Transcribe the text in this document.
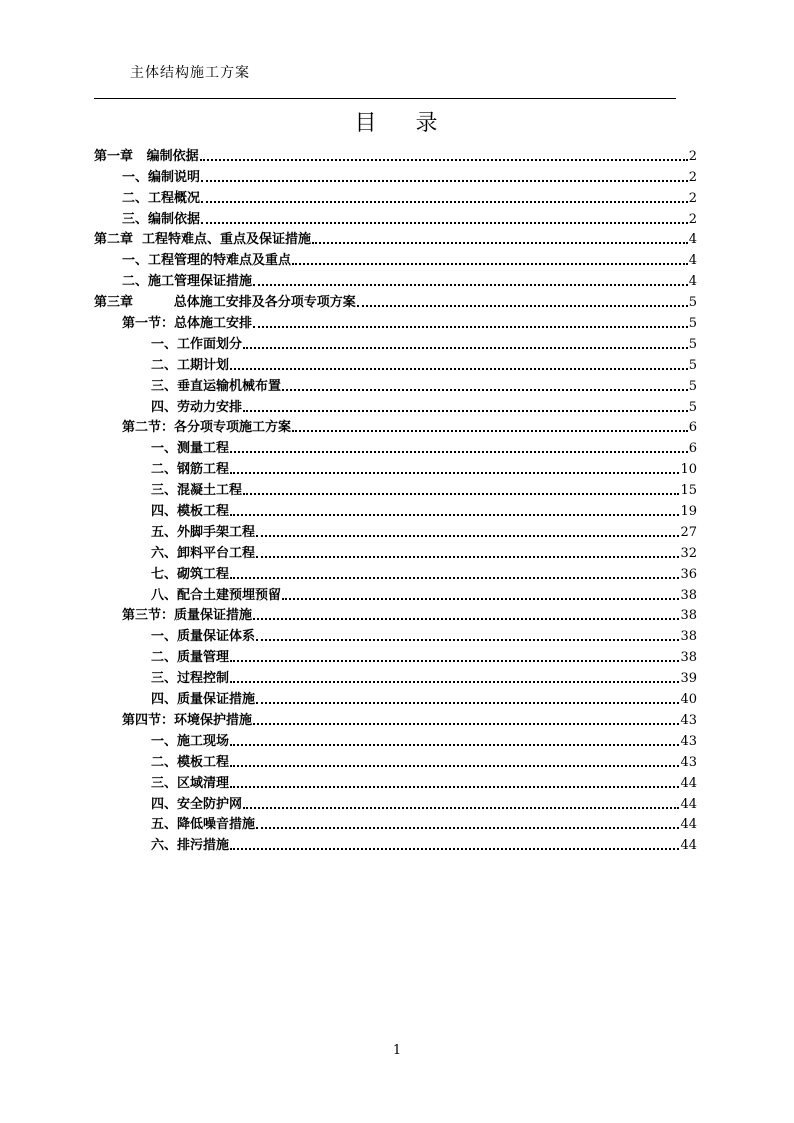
主体结构施工方案
目 录
第一章   编制依据	2
一、编制说明	2
二、工程概况	2
三、编制依据	2
第二章  工程特难点、重点及保证措施	4
一、工程管理的特难点及重点	4
二、施工管理保证措施	4
第三章         总体施工安排及各分项专项方案	5
第一节：总体施工安排	5
一、工作面划分	5
二、工期计划	5
三、垂直运输机械布置	5
四、劳动力安排	5
第二节：各分项专项施工方案	6
一、测量工程	6
二、钢筋工程	10
三、混凝土工程	15
四、模板工程	19
五、外脚手架工程	27
六、卸料平台工程	32
七、砌筑工程	36
八、配合土建预埋预留	38
第三节：质量保证措施	38
一、质量保证体系	38
二、质量管理	38
三、过程控制	39
四、质量保证措施	40
第四节：环境保护措施	43
一、施工现场	43
二、模板工程	43
三、区域清理	44
四、安全防护网	44
五、降低噪音措施	44
六、排污措施	44
1
